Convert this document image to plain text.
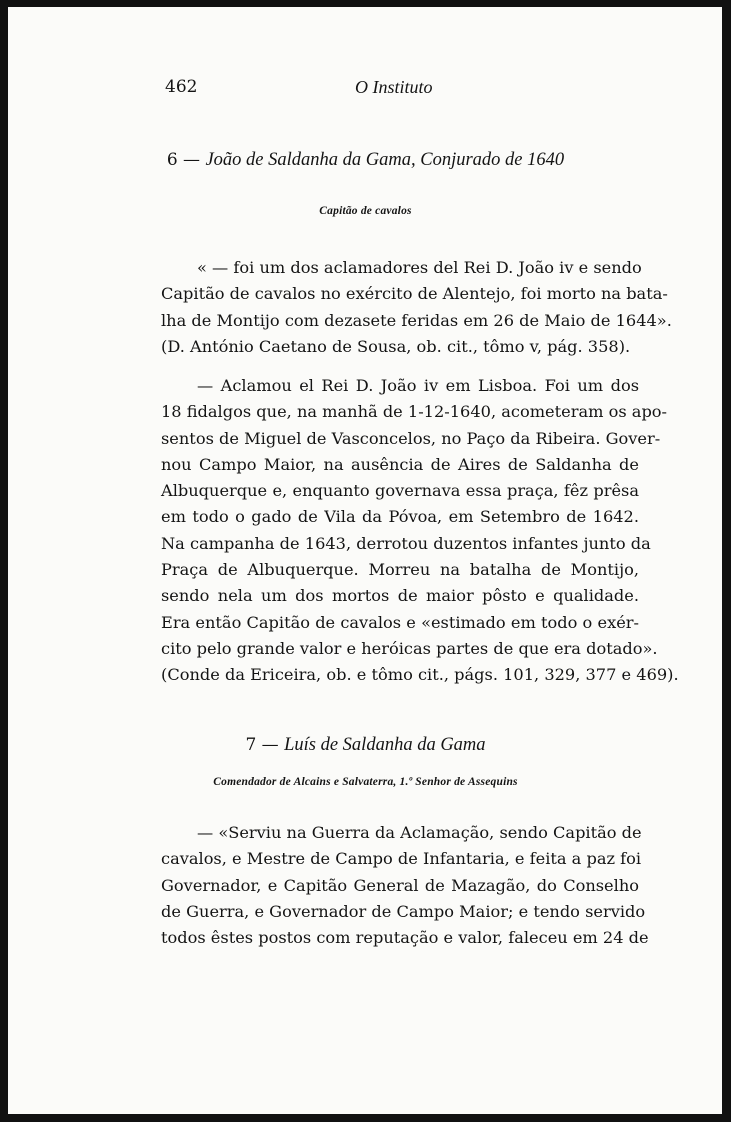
462	O Instituto
6 — João de Saldanha da Gama, Conjurado de 1640
Capitão de cavalos
« — foi um dos aclamadores del Rei D. João iv e sendo
Capitão de cavalos no exército de Alentejo, foi morto na bata-
lha de Montijo com dezasete feridas em 26 de Maio de 1644».
(D. António Caetano de Sousa, ob. cit., tômo v, pág. 358).
— Aclamou el Rei D. João iv em Lisboa. Foi um dos
18 fidalgos que, na manhã de 1-12-1640, acometeram os apo-
sentos de Miguel de Vasconcelos, no Paço da Ribeira. Gover-
nou Campo Maior, na ausência de Aires de Saldanha de
Albuquerque e, enquanto governava essa praça, fêz prêsa
em todo o gado de Vila da Póvoa, em Setembro de 1642.
Na campanha de 1643, derrotou duzentos infantes junto da
Praça de Albuquerque. Morreu na batalha de Montijo,
sendo nela um dos mortos de maior pôsto e qualidade.
Era então Capitão de cavalos e «estimado em todo o exér-
cito pelo grande valor e heróicas partes de que era dotado».
(Conde da Ericeira, ob. e tômo cit., págs. 101, 329, 377 e 469).
7 — Luís de Saldanha da Gama
Comendador de Alcains e Salvaterra, 1.º Senhor de Assequins
— «Serviu na Guerra da Aclamação, sendo Capitão de
cavalos, e Mestre de Campo de Infantaria, e feita a paz foi
Governador, e Capitão General de Mazagão, do Conselho
de Guerra, e Governador de Campo Maior; e tendo servido
todos êstes postos com reputação e valor, faleceu em 24 de
